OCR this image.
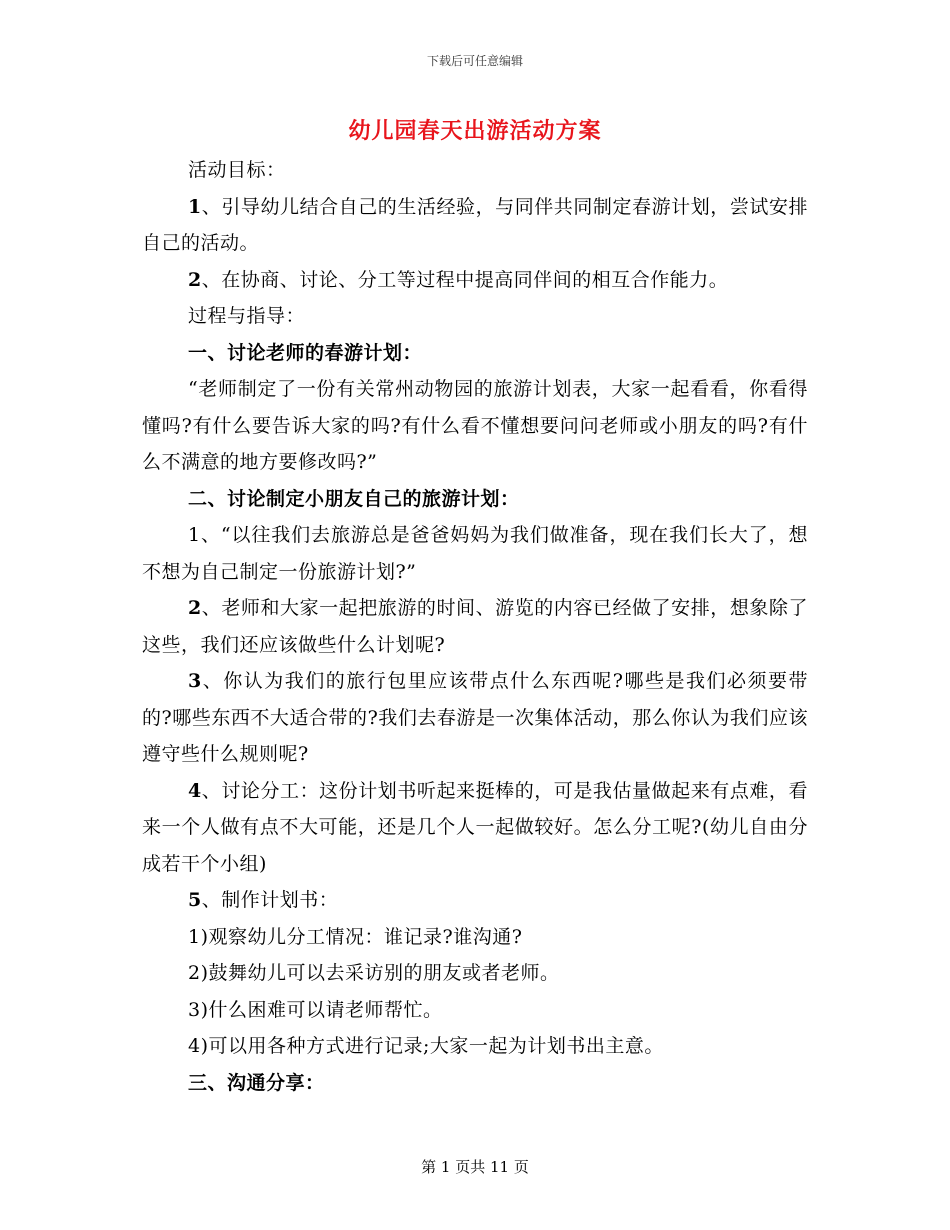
下载后可任意编辑
幼儿园春天出游活动方案

活动目标：

1、引导幼儿结合自己的生活经验，与同伴共同制定春游计划，尝试安排自己的活动。

2、在协商、讨论、分工等过程中提高同伴间的相互合作能力。

过程与指导：

一、讨论老师的春游计划：

“老师制定了一份有关常州动物园的旅游计划表，大家一起看看，你看得懂吗?有什么要告诉大家的吗?有什么看不懂想要问问老师或小朋友的吗?有什么不满意的地方要修改吗?”

二、讨论制定小朋友自己的旅游计划：

1、“以往我们去旅游总是爸爸妈妈为我们做准备，现在我们长大了，想不想为自己制定一份旅游计划?”

2、老师和大家一起把旅游的时间、游览的内容已经做了安排，想象除了这些，我们还应该做些什么计划呢?

3、你认为我们的旅行包里应该带点什么东西呢?哪些是我们必须要带的?哪些东西不大适合带的?我们去春游是一次集体活动，那么你认为我们应该遵守些什么规则呢?

4、讨论分工：这份计划书听起来挺棒的，可是我估量做起来有点难，看来一个人做有点不大可能，还是几个人一起做较好。怎么分工呢?(幼儿自由分成若干个小组)

5、制作计划书：

1)观察幼儿分工情况：谁记录?谁沟通?

2)鼓舞幼儿可以去采访别的朋友或者老师。

3)什么困难可以请老师帮忙。

4)可以用各种方式进行记录;大家一起为计划书出主意。

三、沟通分享：

第 1 页共 11 页
